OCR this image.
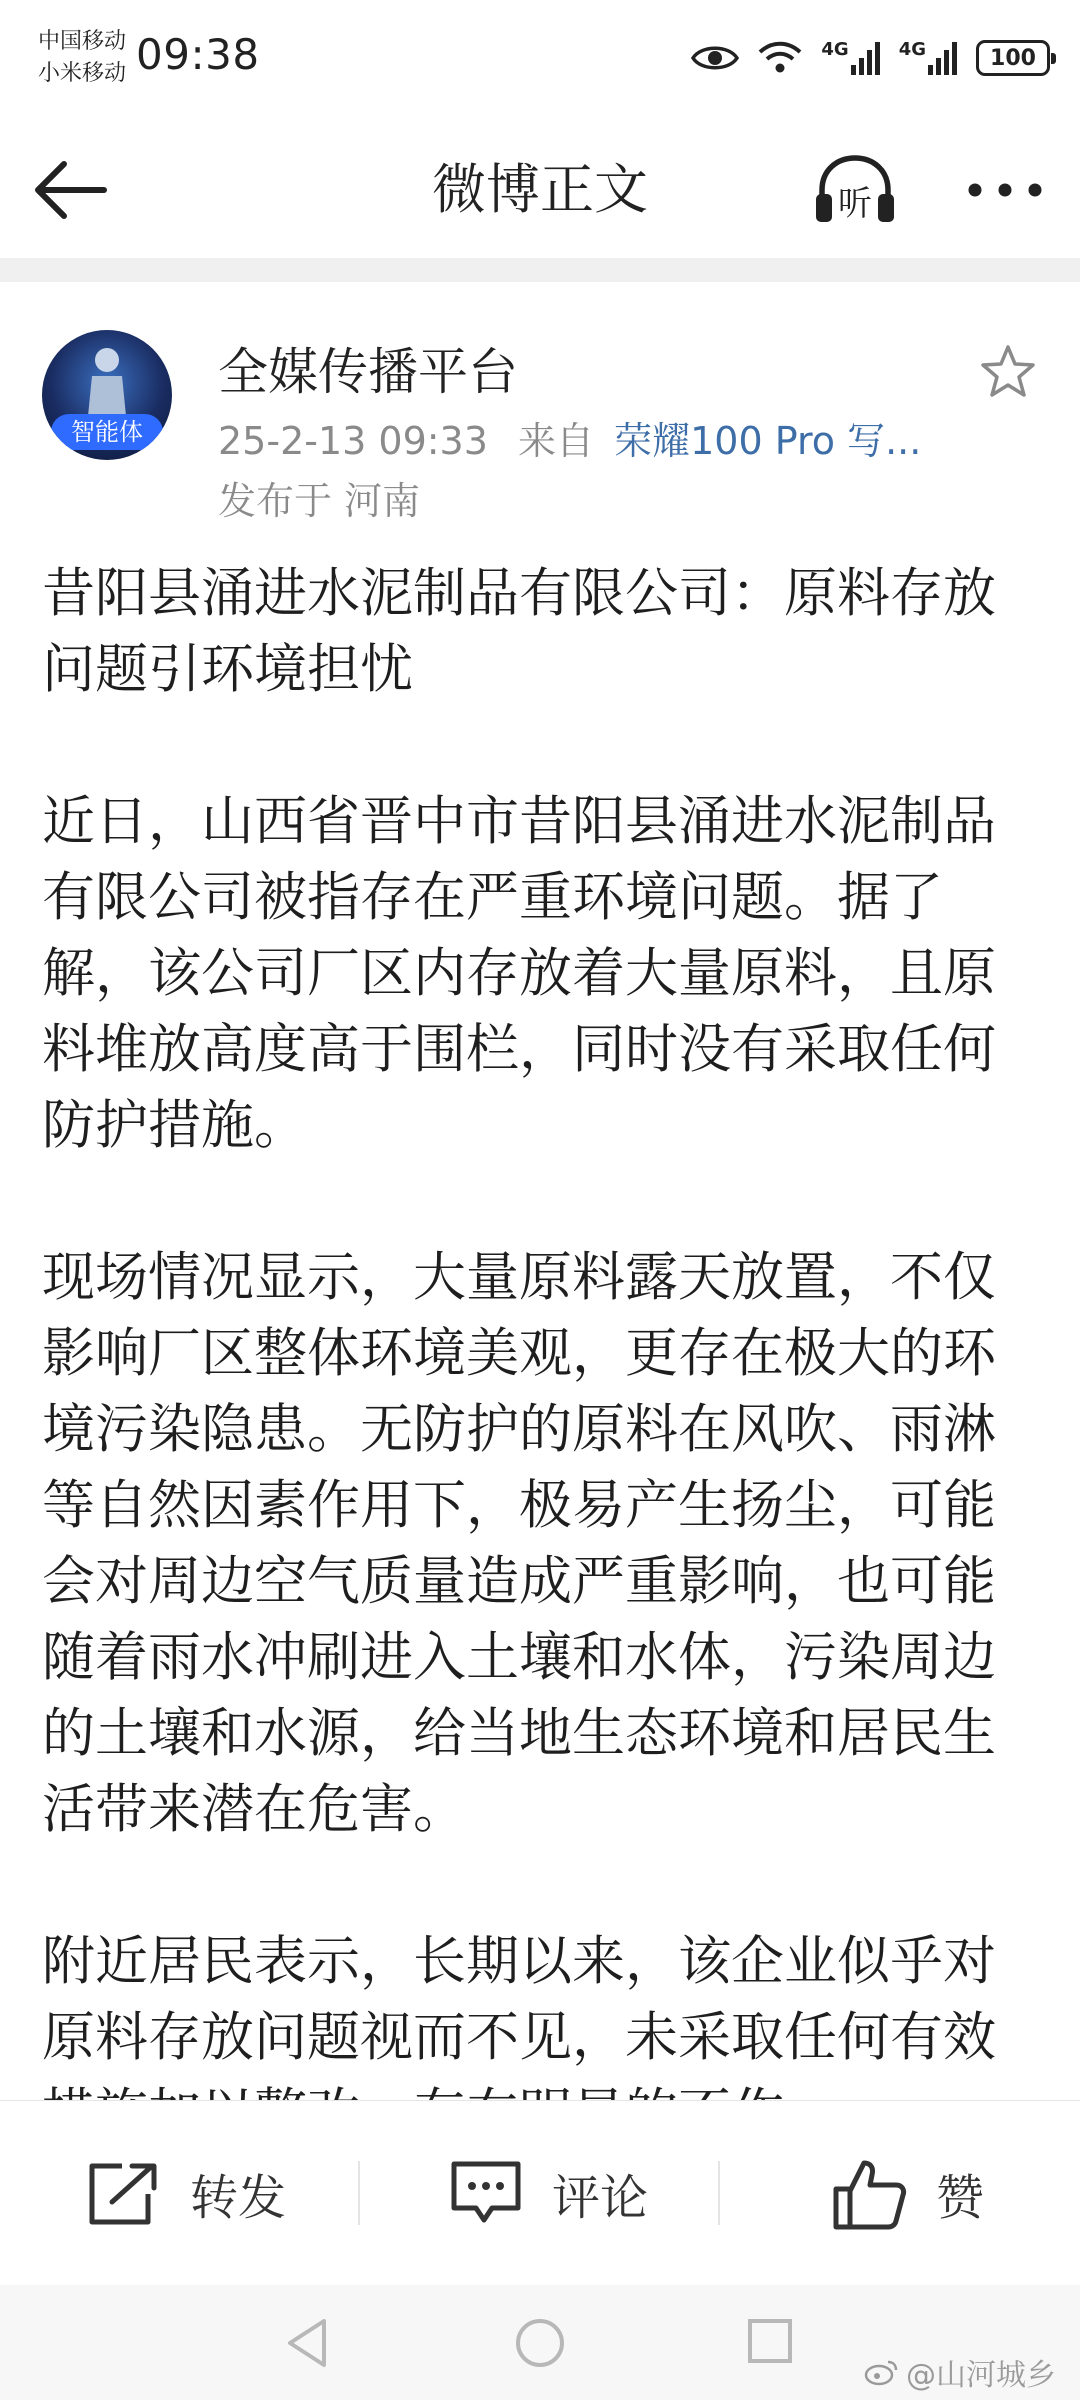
中国移动
小米移动 09:38	4G	4G	100
微博正文	听
智能体
全媒传播平台
25-2-13 09:33 来自 荣耀100 Pro 写...
发布于 河南

昔阳县涌进水泥制品有限公司：原料存放问题引环境担忧

近日，山西省晋中市昔阳县涌进水泥制品有限公司被指存在严重环境问题。据了解，该公司厂区内存放着大量原料，且原料堆放高度高于围栏，同时没有采取任何防护措施。

现场情况显示，大量原料露天放置，不仅影响厂区整体环境美观，更存在极大的环境污染隐患。无防护的原料在风吹、雨淋等自然因素作用下，极易产生扬尘，可能会对周边空气质量造成严重影响，也可能随着雨水冲刷进入土壤和水体，污染周边的土壤和水源，给当地生态环境和居民生活带来潜在危害。

附近居民表示，长期以来，该企业似乎对原料存放问题视而不见，未采取任何有效

转发	评论	赞
@山河城乡
